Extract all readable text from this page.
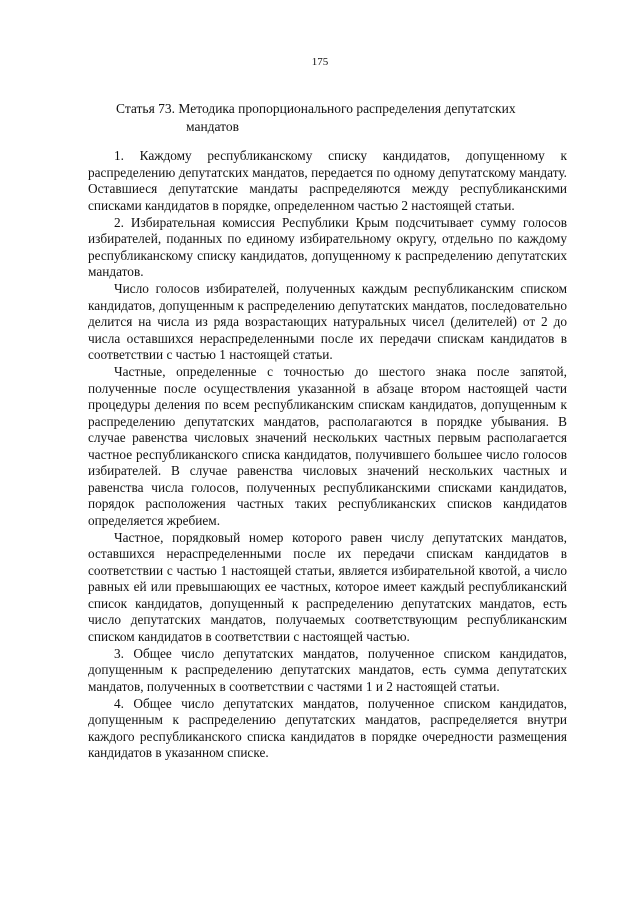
175
Статья 73. Методика пропорционального распределения депутатских
мандатов

1. Каждому республиканскому списку кандидатов, допущенному к распределению депутатских мандатов, передается по одному депутатскому мандату. Оставшиеся депутатские мандаты распределяются между республиканскими списками кандидатов в порядке, определенном частью 2 настоящей статьи.

2. Избирательная комиссия Республики Крым подсчитывает сумму голосов избирателей, поданных по единому избирательному округу, отдельно по каждому республиканскому списку кандидатов, допущенному к распределению депутатских мандатов.

Число голосов избирателей, полученных каждым республиканским списком кандидатов, допущенным к распределению депутатских мандатов, последовательно делится на числа из ряда возрастающих натуральных чисел (делителей) от 2 до числа оставшихся нераспределенными после их передачи спискам кандидатов в соответствии с частью 1 настоящей статьи.

Частные, определенные с точностью до шестого знака после запятой, полученные после осуществления указанной в абзаце втором настоящей части процедуры деления по всем республиканским спискам кандидатов, допущенным к распределению депутатских мандатов, располагаются в порядке убывания. В случае равенства числовых значений нескольких частных первым располагается частное республиканского списка кандидатов, получившего большее число голосов избирателей. В случае равенства числовых значений нескольких частных и равенства числа голосов, полученных республиканскими списками кандидатов, порядок расположения частных таких республиканских списков кандидатов определяется жребием.

Частное, порядковый номер которого равен числу депутатских мандатов, оставшихся нераспределенными после их передачи спискам кандидатов в соответствии с частью 1 настоящей статьи, является избирательной квотой, а число равных ей или превышающих ее частных, которое имеет каждый республиканский список кандидатов, допущенный к распределению депутатских мандатов, есть число депутатских мандатов, получаемых соответствующим республиканским списком кандидатов в соответствии с настоящей частью.

3. Общее число депутатских мандатов, полученное списком кандидатов, допущенным к распределению депутатских мандатов, есть сумма депутатских мандатов, полученных в соответствии с частями 1 и 2 настоящей статьи.

4. Общее число депутатских мандатов, полученное списком кандидатов, допущенным к распределению депутатских мандатов, распределяется внутри каждого республиканского списка кандидатов в порядке очередности размещения кандидатов в указанном списке.
